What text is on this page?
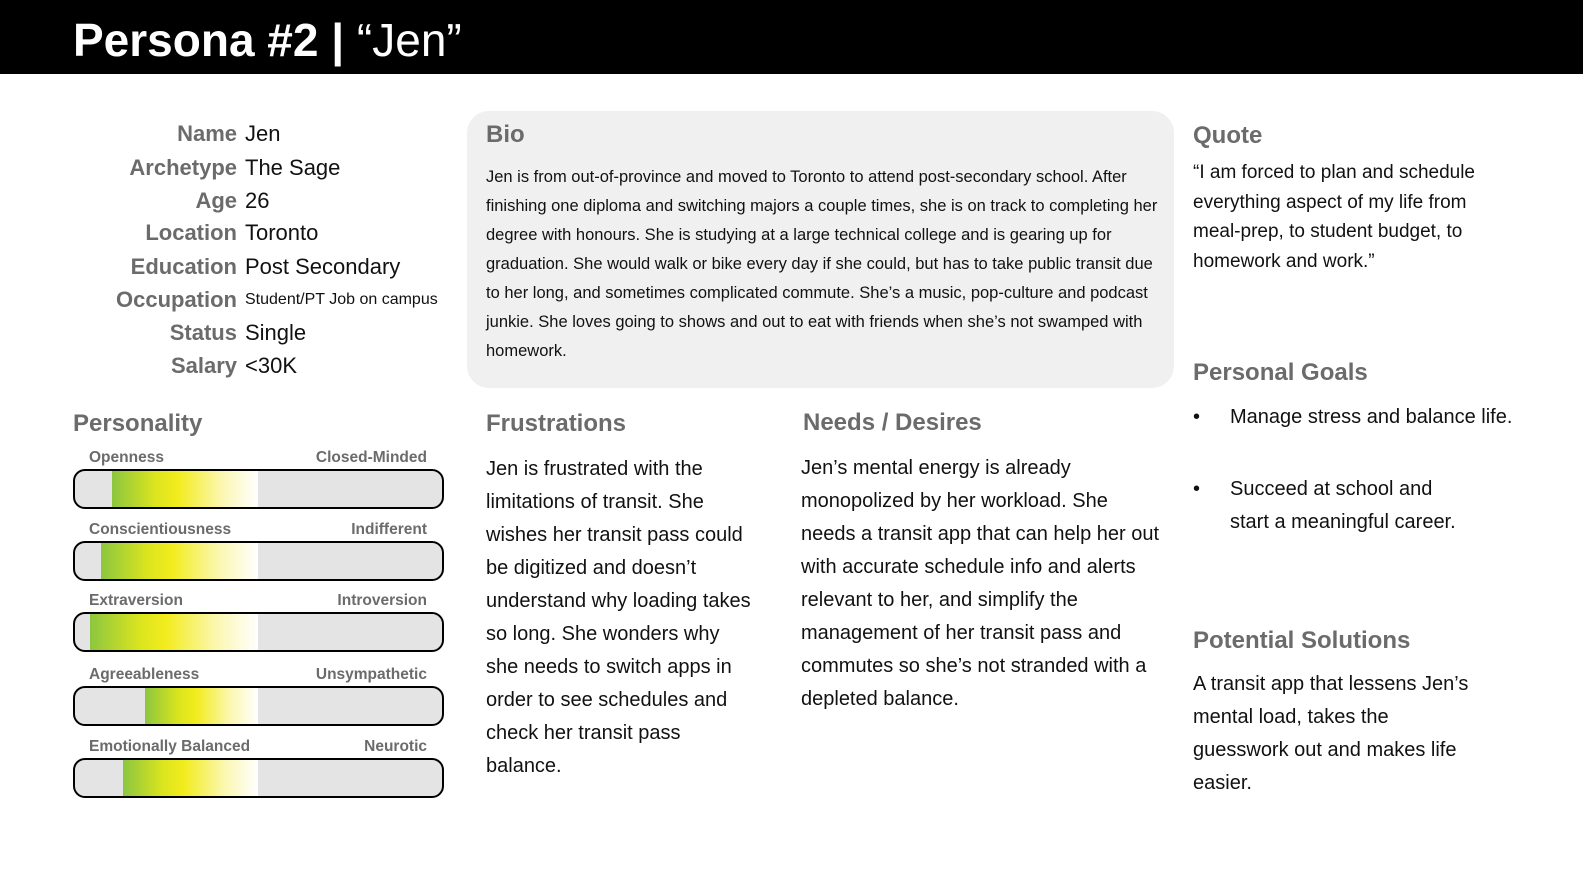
Persona #2 | “Jen”
Name Jen
Archetype The Sage
Age 26
Location Toronto
Education Post Secondary
Occupation Student/PT Job on campus
Status Single
Salary <30K
Bio

Jen is from out-of-province and moved to Toronto to attend post-secondary school. After finishing one diploma and switching majors a couple times, she is on track to completing her degree with honours. She is studying at a large technical college and is gearing up for graduation. She would walk or bike every day if she could, but has to take public transit due to her long, and sometimes complicated commute. She’s a music, pop-culture and podcast junkie. She loves going to shows and out to eat with friends when she’s not swamped with homework.

Quote
“I am forced to plan and schedule everything aspect of my life from meal-prep, to student budget, to homework and work.”
Personality
Openness	Closed-Minded
Conscientiousness	Indifferent
Extraversion	Introversion
Agreeableness	Unsympathetic
Emotionally Balanced	Neurotic
Frustrations
Jen is frustrated with the limitations of transit. She wishes her transit pass could be digitized and doesn’t understand why loading takes so long. She wonders why she needs to switch apps in order to see schedules and check her transit pass balance.
Needs / Desires
Jen’s mental energy is already monopolized by her workload. She needs a transit app that can help her out with accurate schedule info and alerts relevant to her, and simplify the management of her transit pass and commutes so she’s not stranded with a depleted balance.
Personal Goals
• Manage stress and balance life.
• Succeed at school and start a meaningful career.
Potential Solutions
A transit app that lessens Jen’s mental load, takes the guesswork out and makes life easier.
